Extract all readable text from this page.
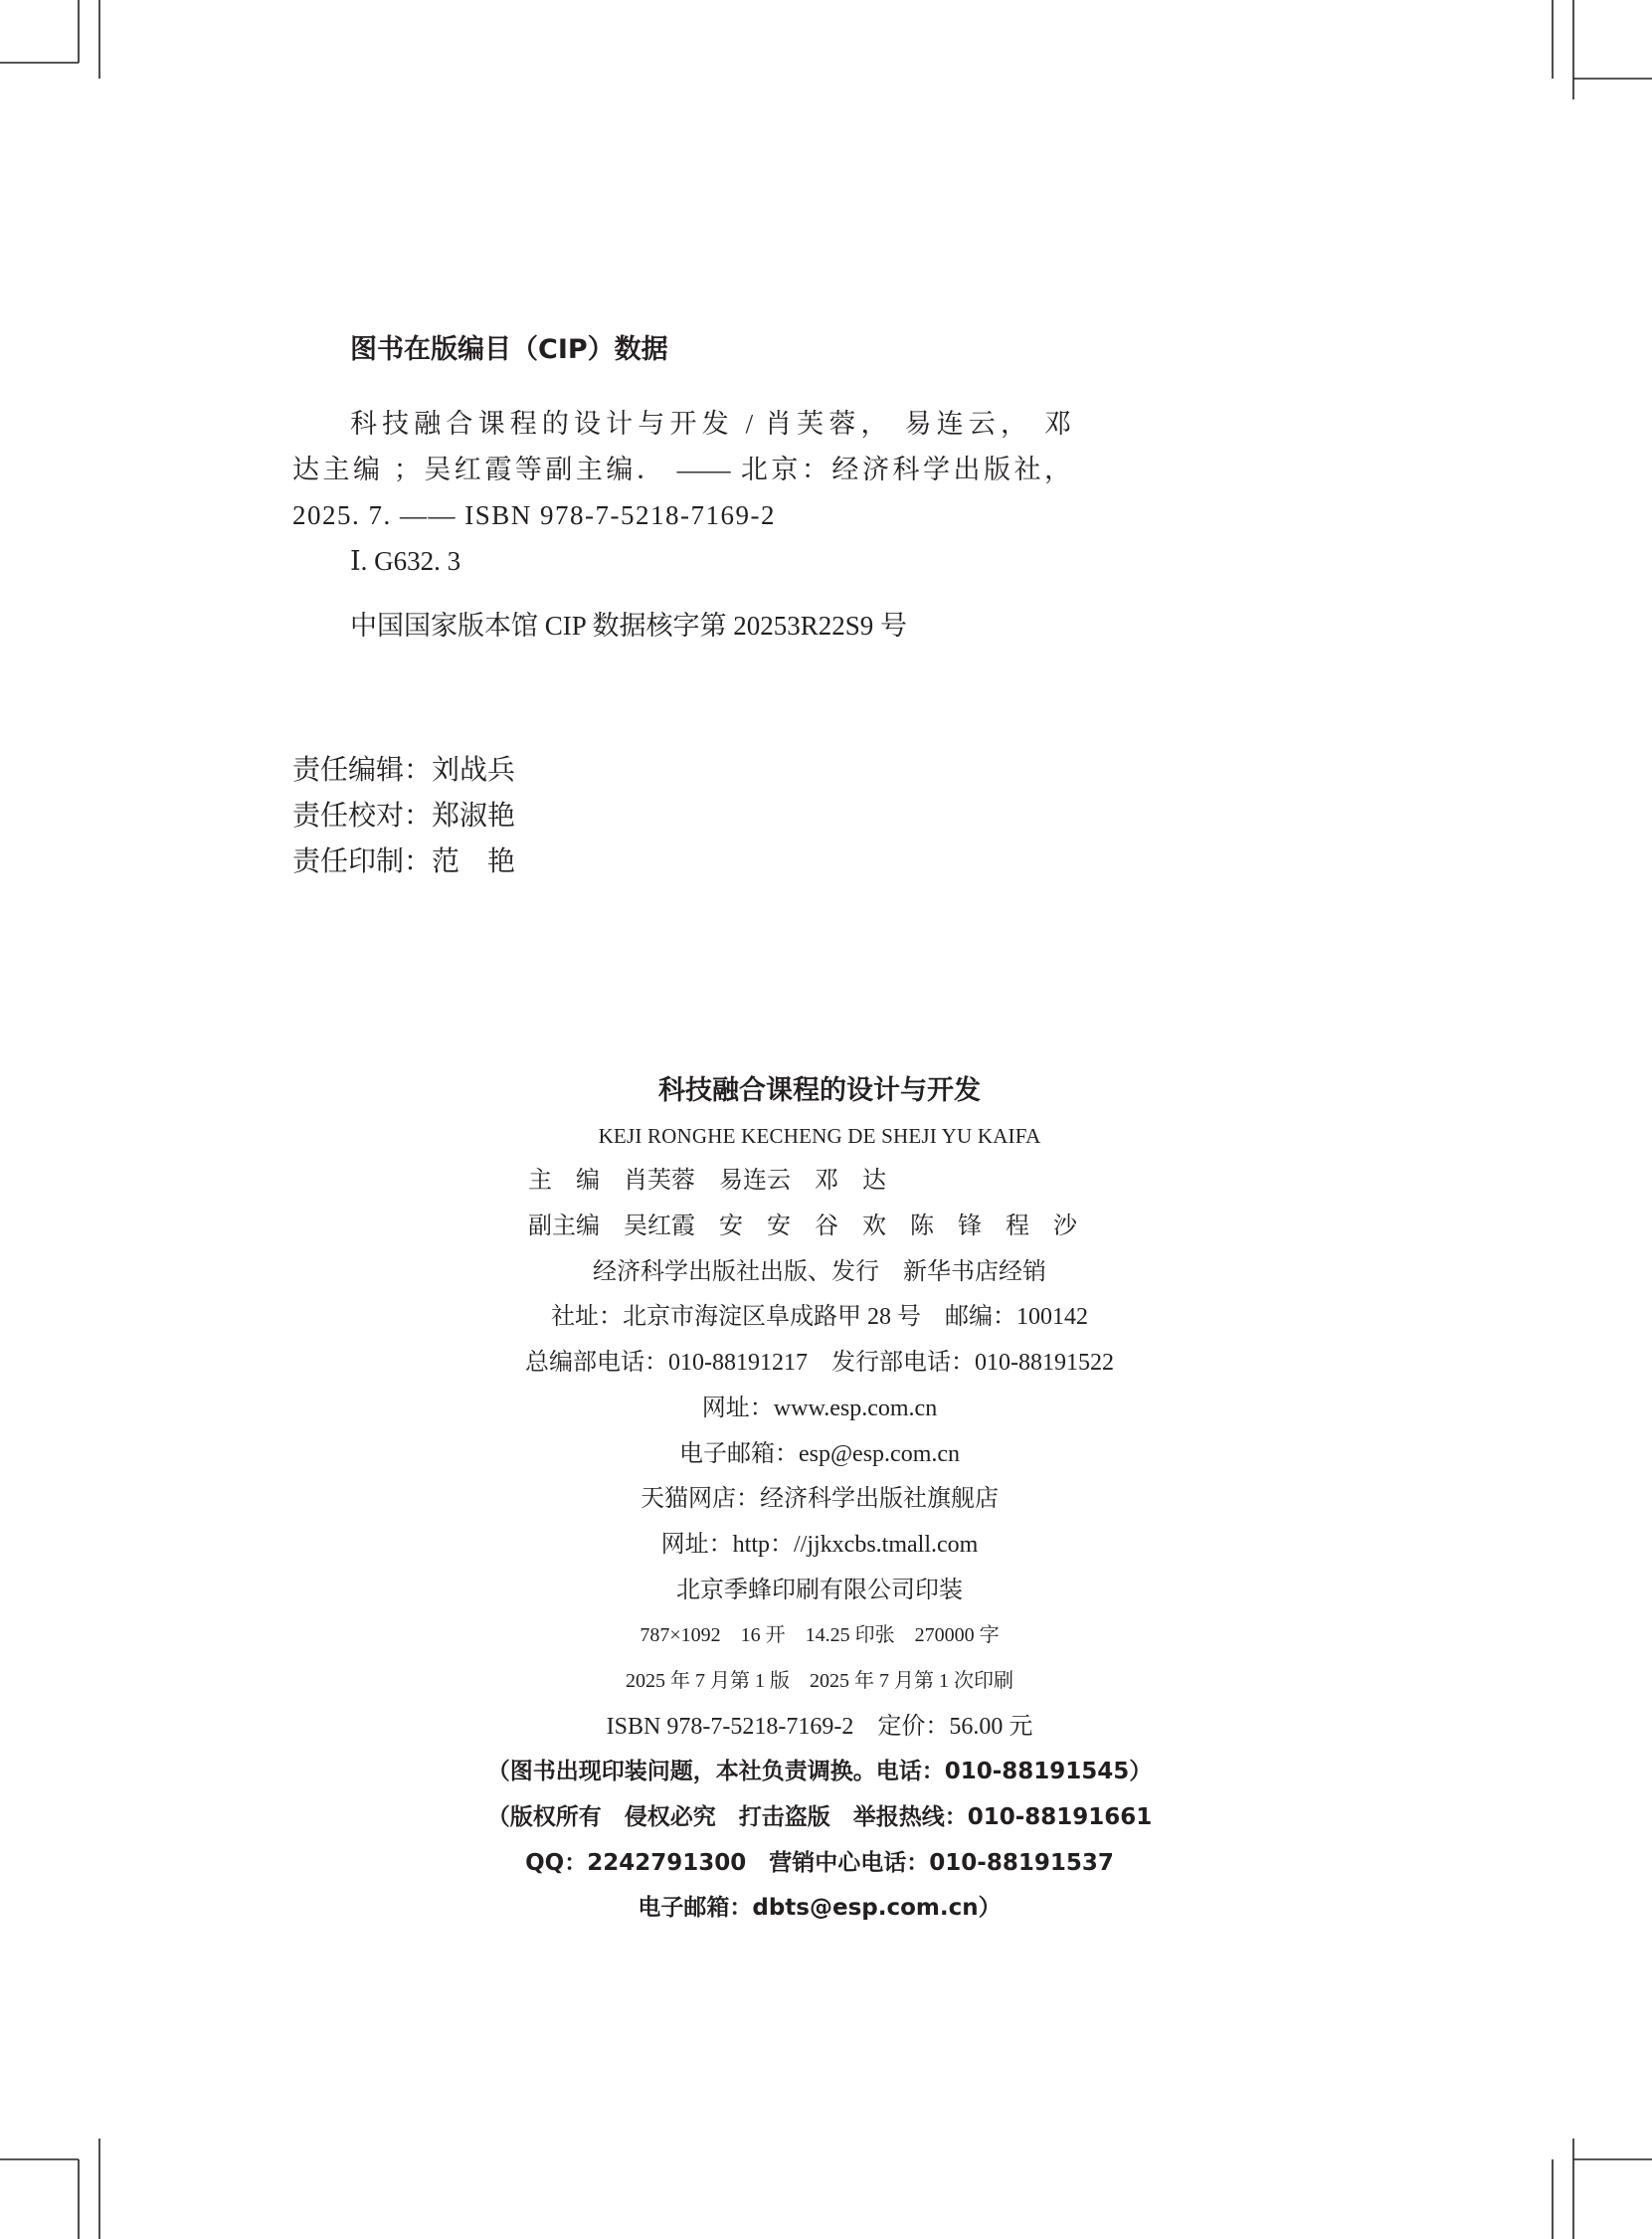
图书在版编目（CIP）数据
科技融合课程的设计与开发 / 肖芙蓉， 易连云， 邓
达主编 ；吴红霞等副主编． —— 北京：经济科学出版社，
2025. 7. —— ISBN 978-7-5218-7169-2
Ⅰ. G632. 3
中国国家版本馆 CIP 数据核字第 20253R22S9 号
责任编辑：刘战兵
责任校对：郑淑艳
责任印制：范　艳
科技融合课程的设计与开发
KEJI RONGHE KECHENG DE SHEJI YU KAIFA
主　编 肖芙蓉 易连云 邓　达
副主编 吴红霞 安　安 谷　欢 陈　锋 程　沙
经济科学出版社出版、发行　新华书店经销
社址：北京市海淀区阜成路甲 28 号　邮编：100142
总编部电话：010-88191217　发行部电话：010-88191522
网址：www.esp.com.cn
电子邮箱：esp@esp.com.cn
天猫网店：经济科学出版社旗舰店
网址：http：//jjkxcbs.tmall.com
北京季蜂印刷有限公司印装
787×1092　16 开　14.25 印张　270000 字
2025 年 7 月第 1 版　2025 年 7 月第 1 次印刷
ISBN 978-7-5218-7169-2　定价：56.00 元
（图书出现印装问题，本社负责调换。电话：010-88191545）
（版权所有　侵权必究　打击盗版　举报热线：010-88191661
QQ：2242791300　营销中心电话：010-88191537
电子邮箱：dbts@esp.com.cn）
